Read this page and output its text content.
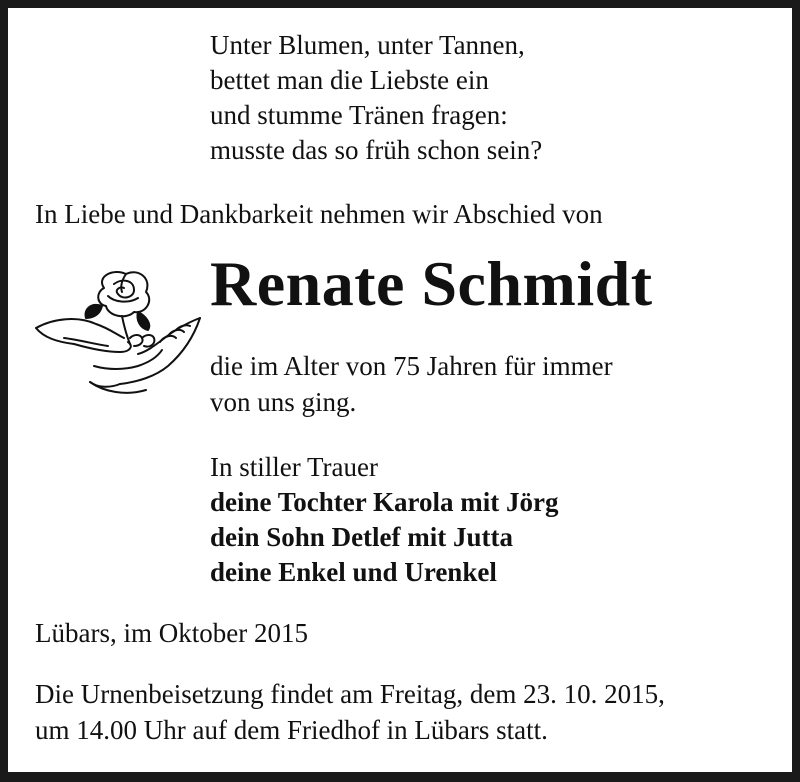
Unter Blumen, unter Tannen,
bettet man die Liebste ein
und stumme Tränen fragen:
musste das so früh schon sein?
In Liebe und Dankbarkeit nehmen wir Abschied von
Renate Schmidt
die im Alter von 75 Jahren für immer
von uns ging.
In stiller Trauer
deine Tochter Karola mit Jörg
dein Sohn Detlef mit Jutta
deine Enkel und Urenkel
Lübars, im Oktober 2015
Die Urnenbeisetzung findet am Freitag, dem 23. 10. 2015,
um 14.00 Uhr auf dem Friedhof in Lübars statt.
